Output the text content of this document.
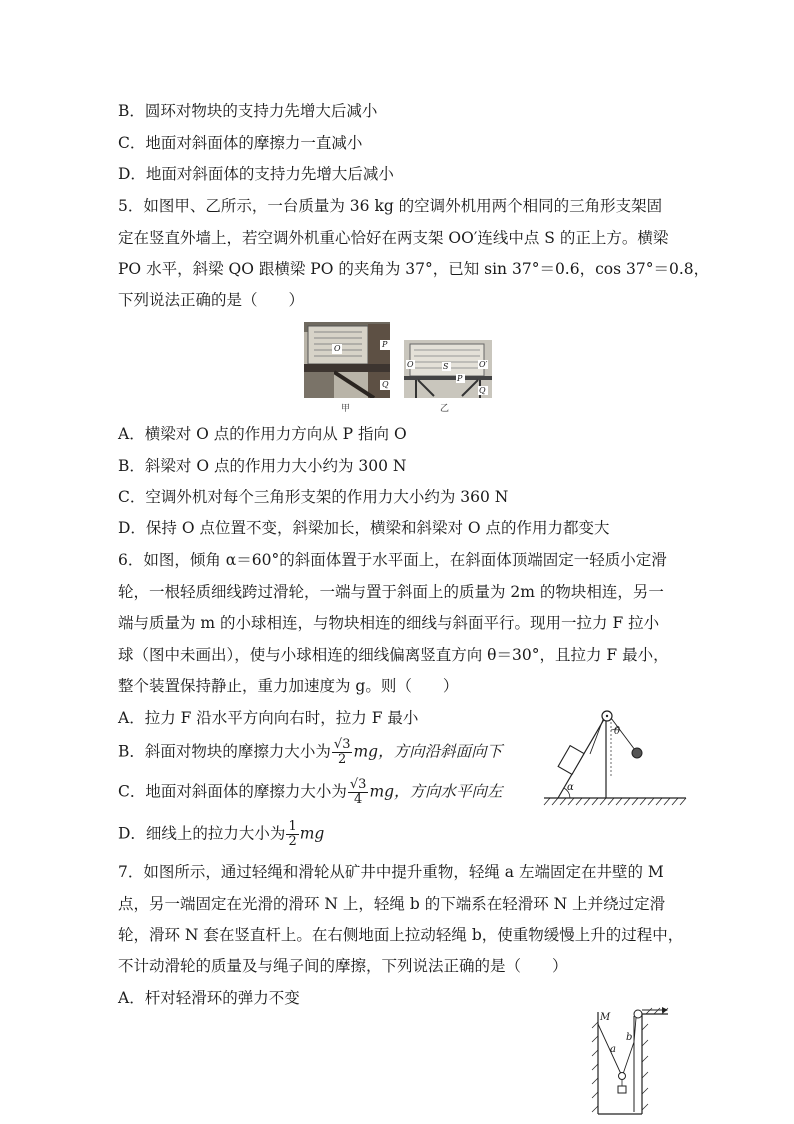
B．圆环对物块的支持力先增大后减小
C．地面对斜面体的摩擦力一直减小
D．地面对斜面体的支持力先增大后减小
5．如图甲、乙所示，一台质量为 36 kg 的空调外机用两个相同的三角形支架固
定在竖直外墙上，若空调外机重心恰好在两支架 OO′连线中点 S 的正上方。横梁
PO 水平，斜梁 QO 跟横梁 PO 的夹角为 37°，已知 sin 37°＝0.6，cos 37°＝0.8，
下列说法正确的是（　　）
P
O
Q
甲
O	S	O′
P
Q
乙
A．横梁对 O 点的作用力方向从 P 指向 O
B．斜梁对 O 点的作用力大小约为 300 N
C．空调外机对每个三角形支架的作用力大小约为 360 N
D．保持 O 点位置不变，斜梁加长，横梁和斜梁对 O 点的作用力都变大
6．如图，倾角 α＝60°的斜面体置于水平面上，在斜面体顶端固定一轻质小定滑
轮，一根轻质细线跨过滑轮，一端与置于斜面上的质量为 2m 的物块相连，另一
端与质量为 m 的小球相连，与物块相连的细线与斜面平行。现用一拉力 F 拉小
球（图中未画出），使与小球相连的细线偏离竖直方向 θ＝30°，且拉力 F 最小，
整个装置保持静止，重力加速度为 g。则（　　）
A．拉力 F 沿水平方向向右时，拉力 F 最小
B．斜面对物块的摩擦力大小为 $\frac{√3}{2}$ mg，方向沿斜面向下
C．地面对斜面体的摩擦力大小为 $\frac{√3}{4}$ mg，方向水平向左
D．细线上的拉力大小为 $\frac{1}{2}$ mg
α
θ
7．如图所示，通过轻绳和滑轮从矿井中提升重物，轻绳 a 左端固定在井壁的 M
点，另一端固定在光滑的滑环 N 上，轻绳 b 的下端系在轻滑环 N 上并绕过定滑
轮，滑环 N 套在竖直杆上。在右侧地面上拉动轻绳 b，使重物缓慢上升的过程中，
不计动滑轮的质量及与绳子间的摩擦，下列说法正确的是（　　）
A．杆对轻滑环的弹力不变
M
a
b
